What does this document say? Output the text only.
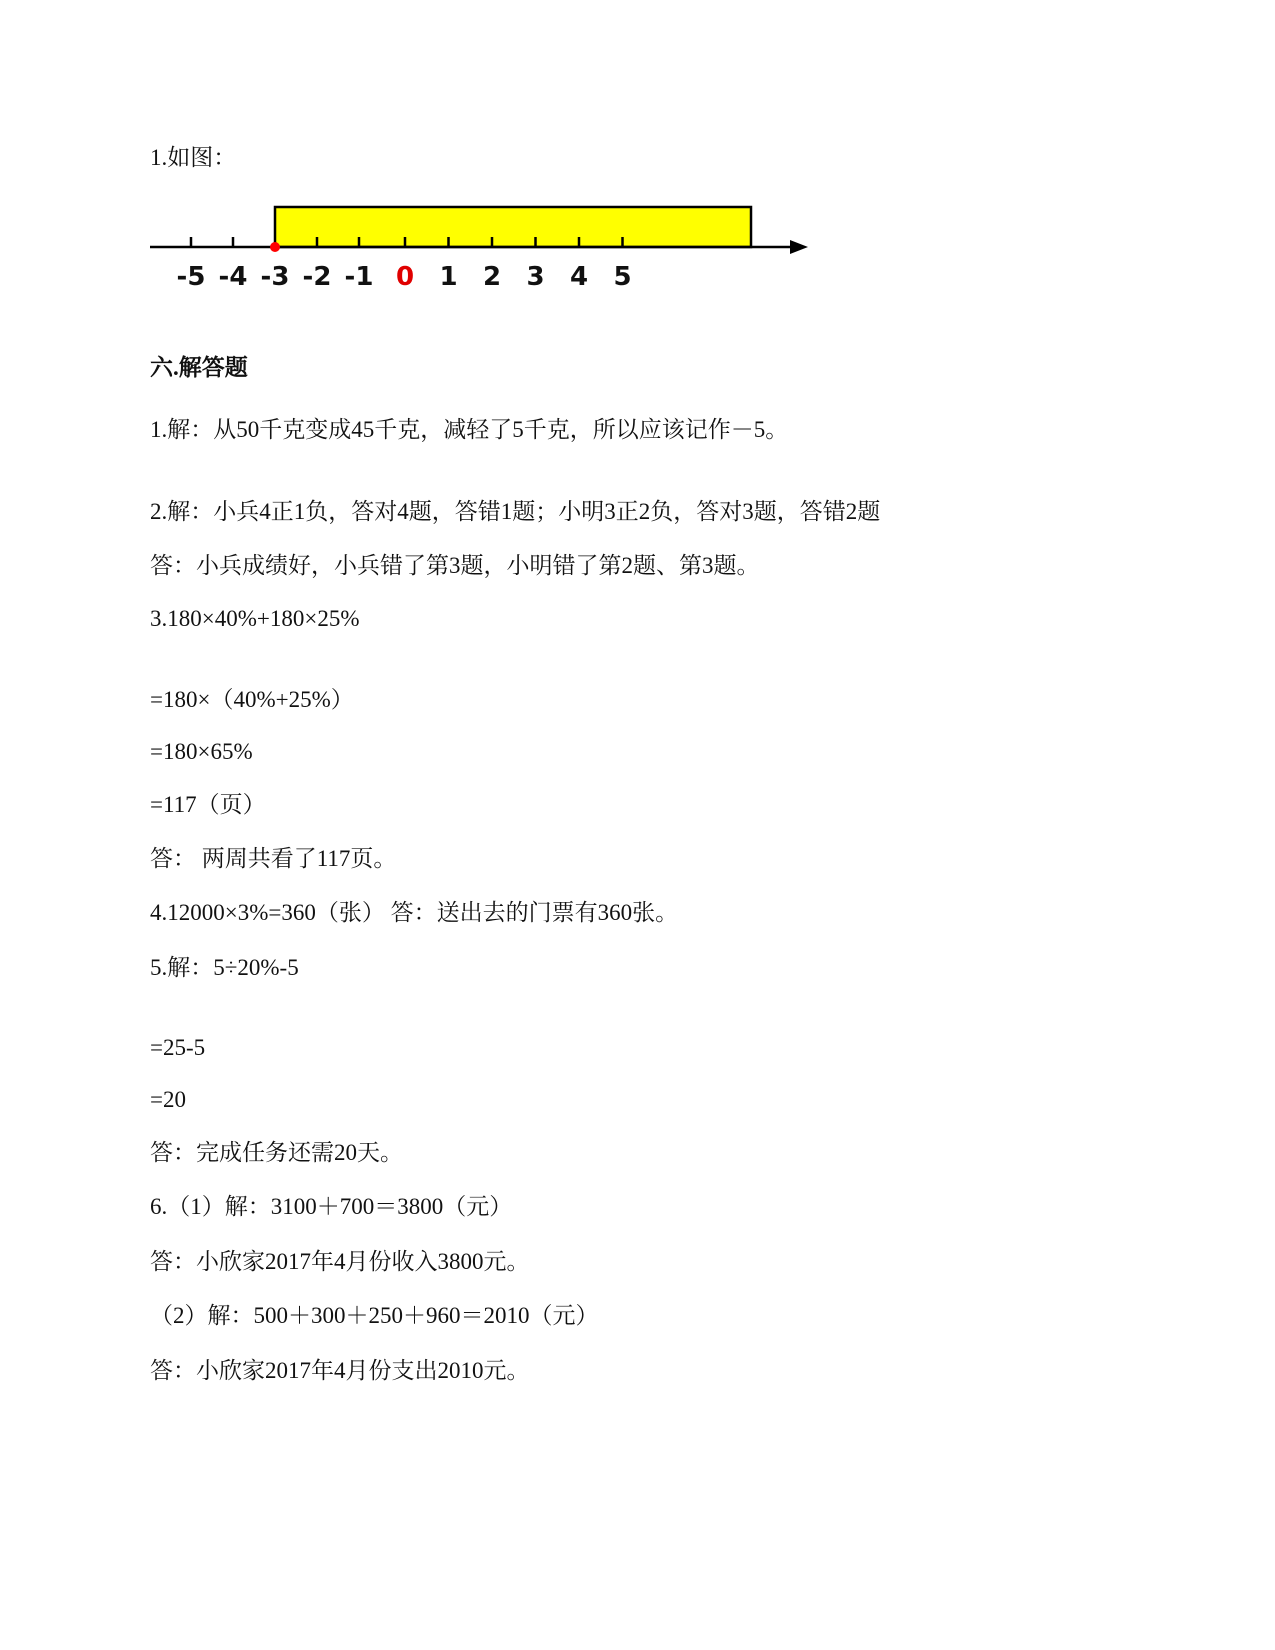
1.如图：

-5 -4 -3 -2 -1 0 1 2 3 4 5

六.解答题

1.解：从50千克变成45千克，减轻了5千克，所以应该记作－5。

2.解：小兵4正1负，答对4题，答错1题；小明3正2负，答对3题，答错2题

答：小兵成绩好，小兵错了第3题，小明错了第2题、第3题。

3.180×40%+180×25%

=180×（40%+25%）

=180×65%

=117（页）

答： 两周共看了117页。

4.12000×3%=360（张） 答：送出去的门票有360张。

5.解：5÷20%-5

=25-5

=20

答：完成任务还需20天。

6.（1）解：3100＋700＝3800（元）

答：小欣家2017年4月份收入3800元。

（2）解：500＋300＋250＋960＝2010（元）

答：小欣家2017年4月份支出2010元。
